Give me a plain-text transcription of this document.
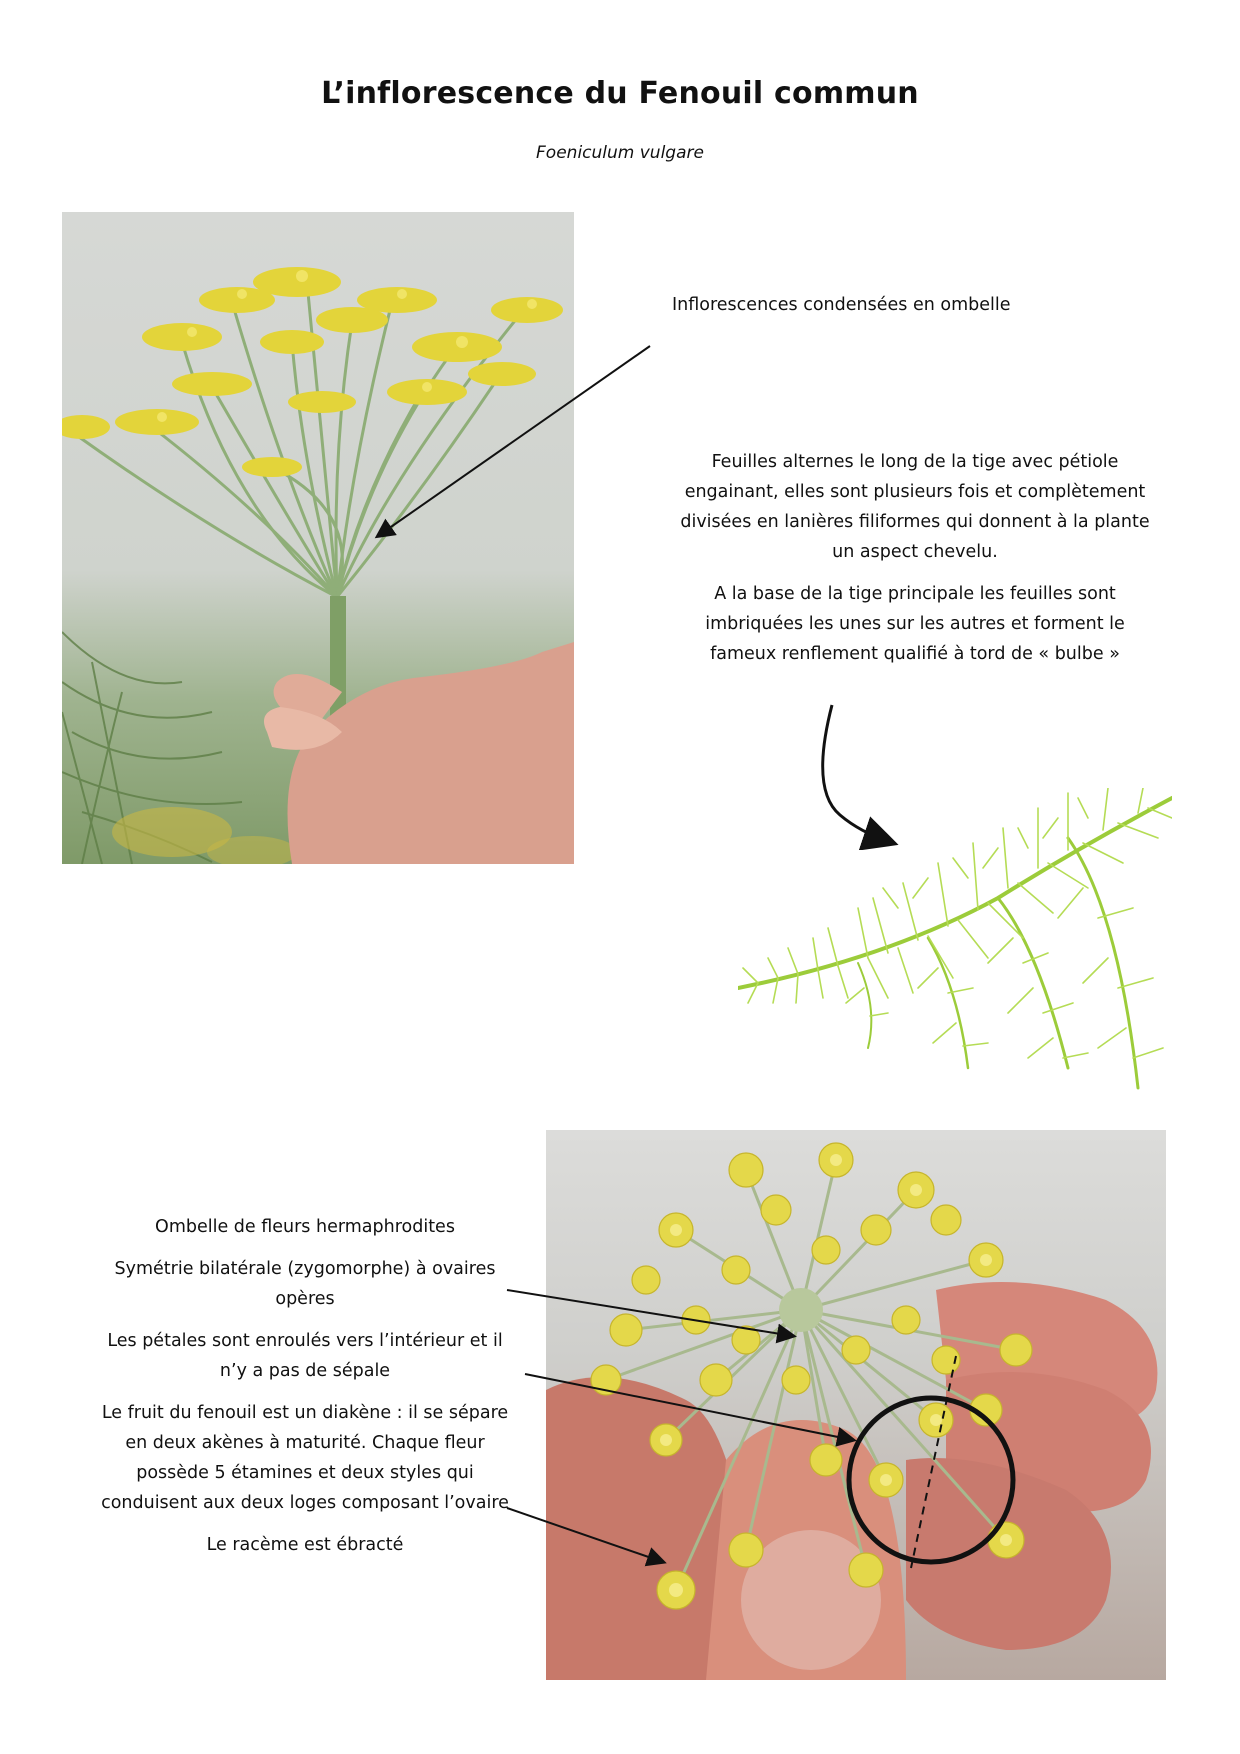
L’inflorescence du Fenouil commun
Foeniculum vulgare
Inflorescences condensées en ombelle

Feuilles alternes le long de la tige avec pétiole engainant, elles sont plusieurs fois et complètement divisées en lanières filiformes qui donnent à la plante un aspect chevelu.

A la base de la tige principale les feuilles sont imbriquées les unes sur les autres et forment le fameux renflement qualifié à tord de « bulbe »

Ombelle de fleurs hermaphrodites

Symétrie bilatérale (zygomorphe) à ovaires opères

Les pétales sont enroulés vers l’intérieur et il n’y a pas de sépale

Le fruit du fenouil est un diakène : il se sépare en deux akènes à maturité. Chaque fleur possède 5 étamines et deux styles qui conduisent aux deux loges composant l’ovaire

Le racème est ébracté
